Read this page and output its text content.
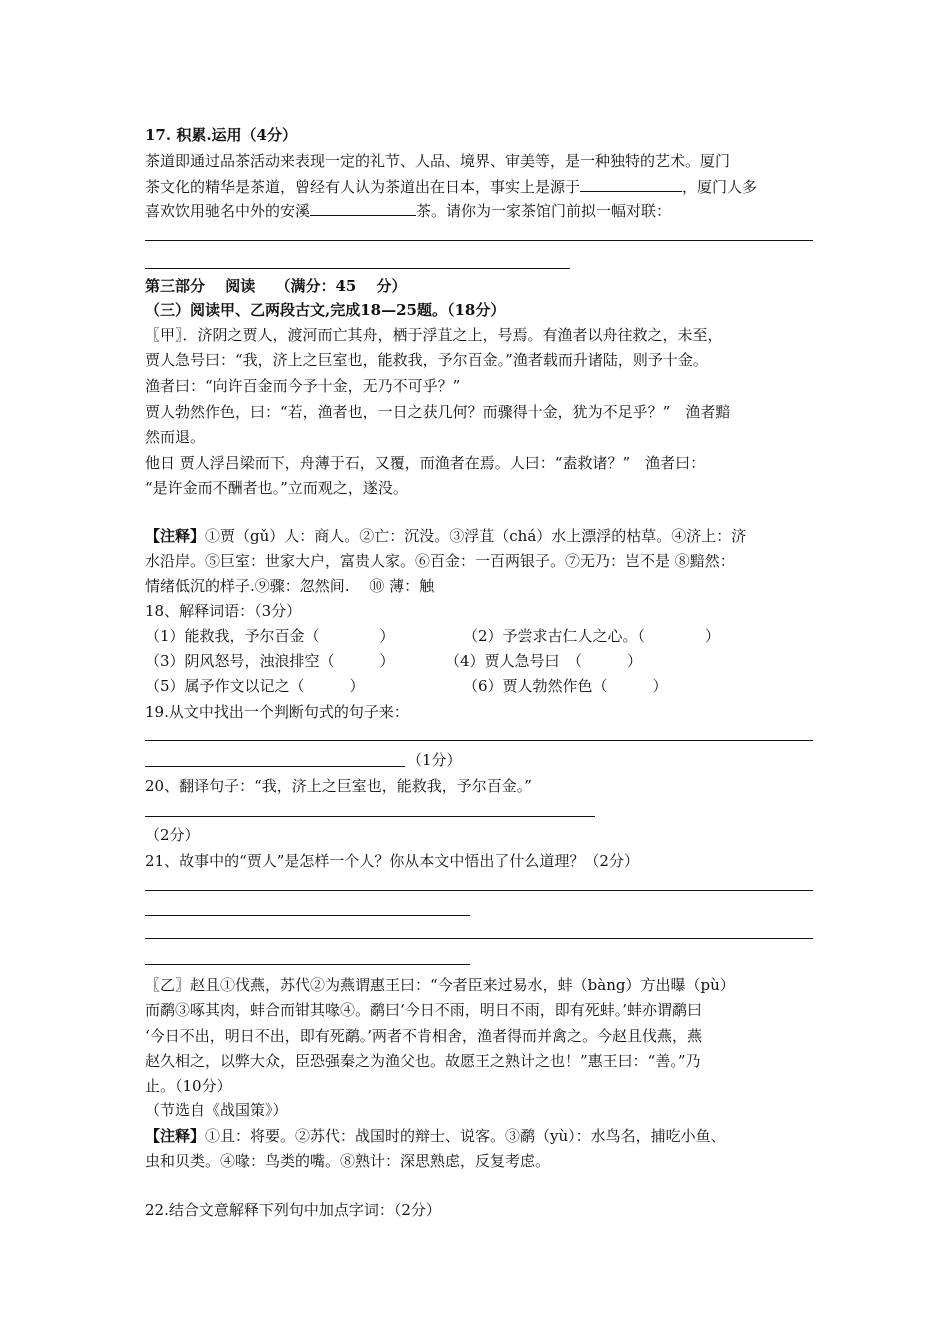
17. 积累.运用（4分）
茶道即通过品茶活动来表现一定的礼节、人品、境界、审美等，是一种独特的艺术。厦门
茶文化的精华是茶道，曾经有人认为茶道出在日本，事实上是源于	，厦门人多
喜欢饮用驰名中外的安溪	茶。请你为一家茶馆门前拟一幅对联：
第三部分　 阅读　 （满分：45　 分）
（三）阅读甲、乙两段古文,完成18—25题。（18分）
〖甲〗．济阴之贾人，渡河而亡其舟，栖于浮苴之上，号焉。有渔者以舟往救之，未至，
贾人急号曰：“我，济上之巨室也，能救我，予尔百金。”渔者载而升诸陆，则予十金。
渔者曰：“向许百金而今予十金，无乃不可乎？”
贾人勃然作色，曰：“若，渔者也，一日之获几何？而骤得十金，犹为不足乎？”　渔者黯
然而退。
他日 贾人浮吕梁而下，舟薄于石，又覆，而渔者在焉。人曰：“盍救诸？”　渔者曰：
“是许金而不酬者也。”立而观之，遂没。
【注释】①贾（gǔ）人：商人。②亡：沉没。③浮苴（chá）水上漂浮的枯草。④济上：济
水沿岸。⑤巨室：世家大户，富贵人家。⑥百金：一百两银子。⑦无乃：岂不是 ⑧黯然：
情绪低沉的样子.⑨骤：忽然间.　 ⑩ 薄：触
18、解释词语：（3分）
（1）能救我，予尔百金（　　　　）	（2）予尝求古仁人之心。（　　　　）
（3）阴风怒号，浊浪排空（　　　）	（4）贾人急号曰　（　　　）
（5）属予作文以记之（　　　）	（6）贾人勃然作色（　　　）
19.从文中找出一个判断句式的句子来：
（1分）
20、翻译句子：“我，济上之巨室也，能救我，予尔百金。”
（2分）
21、故事中的“贾人”是怎样一个人？你从本文中悟出了什么道理？（2分）
〖乙〗赵且①伐燕，苏代②为燕谓惠王曰：“今者臣来过易水，蚌（bàng）方出曝（pù）
而鹬③啄其肉，蚌合而钳其喙④。鹬曰‘今日不雨，明日不雨，即有死蚌。’蚌亦谓鹬曰
‘今日不出，明日不出，即有死鹬。’两者不肯相舍，渔者得而并禽之。今赵且伐燕，燕
赵久相之，以弊大众，臣恐强秦之为渔父也。故愿王之熟计之也！”惠王曰：“善。”乃
止。（10分）
（节选自《战国策》）
【注释】①且：将要。②苏代：战国时的辩士、说客。③鹬（yù）：水鸟名，捕吃小鱼、
虫和贝类。④喙：鸟类的嘴。⑧熟计：深思熟虑，反复考虑。
22.结合文意解释下列句中加点字词：（2分）
